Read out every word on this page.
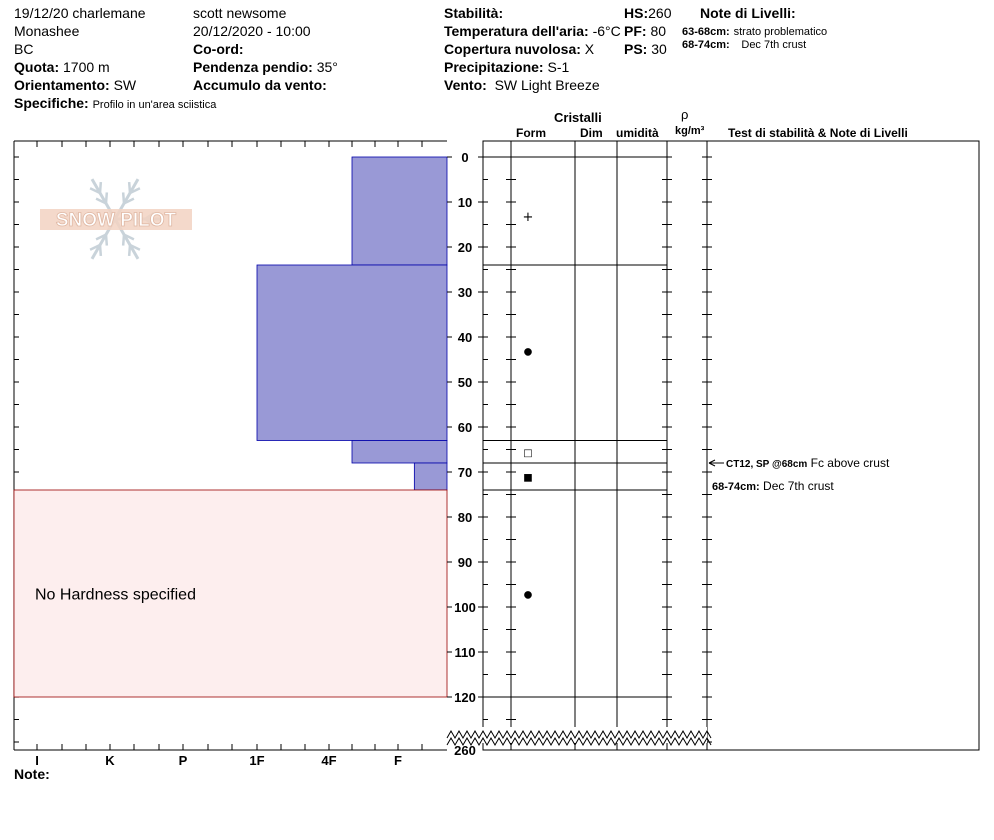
19/12/20 charlemane
Monashee
BC
Quota: 1700 m
Orientamento: SW
Specifiche: Profilo in un'area sciistica
scott newsome
20/12/2020 - 10:00
Co-ord:
Pendenza pendio: 35°
Accumulo da vento:
Stabilità:
Temperatura dell'aria: -6°C
Copertura nuvolosa: X
Precipitazione: S-1
Vento: SW Light Breeze
HS:260
PF: 80
PS: 30
Note di Livelli:
63-68cm: strato problematico
68-74cm: Dec 7th crust
Cristalli
Form	Dim umidità
ρ
kg/m³ Test di stabilità & Note di Livelli
Note:
SNOW PILOT
No Hardness specified
I	K	P	1F	4F	F
0
10
20
30
40
50
60
70
80
90
100
110
120
260
+
●
□
■
●
CT12, SP @68cm Fc above crust
68-74cm: Dec 7th crust
